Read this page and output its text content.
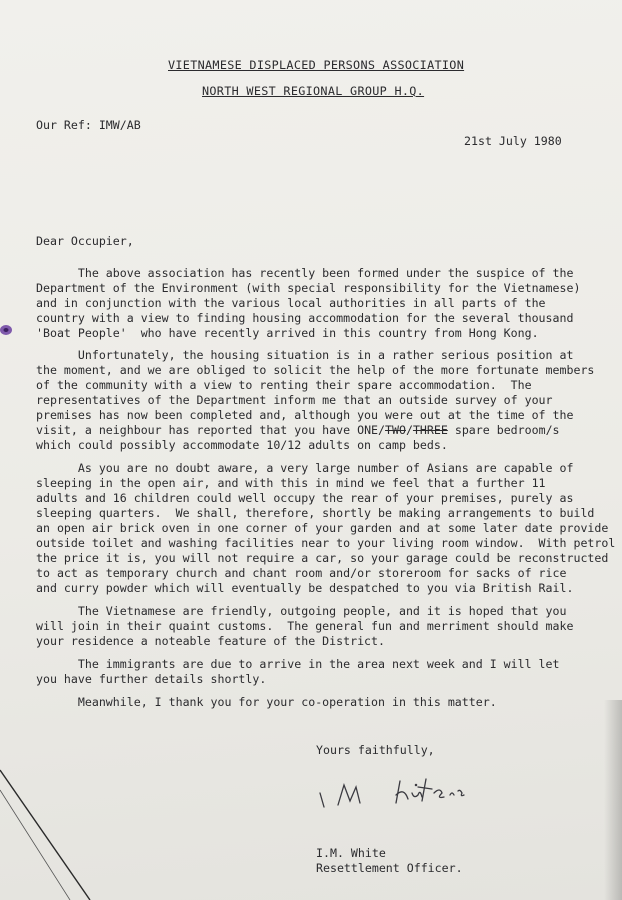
VIETNAMESE DISPLACED PERSONS ASSOCIATION
NORTH WEST REGIONAL GROUP H.Q.
Our Ref: IMW/AB
21st July 1980
Dear Occupier,
The above association has recently been formed under the suspice of the
Department of the Environment (with special responsibility for the Vietnamese)
and in conjunction with the various local authorities in all parts of the
country with a view to finding housing accommodation for the several thousand
'Boat People'  who have recently arrived in this country from Hong Kong.
Unfortunately, the housing situation is in a rather serious position at
the moment, and we are obliged to solicit the help of the more fortunate members
of the community with a view to renting their spare accommodation.  The
representatives of the Department inform me that an outside survey of your
premises has now been completed and, although you were out at the time of the
visit, a neighbour has reported that you have ONE/TWO/THREE spare bedroom/s
which could possibly accommodate 10/12 adults on camp beds.
As you are no doubt aware, a very large number of Asians are capable of
sleeping in the open air, and with this in mind we feel that a further 11
adults and 16 children could well occupy the rear of your premises, purely as
sleeping quarters.  We shall, therefore, shortly be making arrangements to build
an open air brick oven in one corner of your garden and at some later date provide
outside toilet and washing facilities near to your living room window.  With petrol
the price it is, you will not require a car, so your garage could be reconstructed
to act as temporary church and chant room and/or storeroom for sacks of rice
and curry powder which will eventually be despatched to you via British Rail.
The Vietnamese are friendly, outgoing people, and it is hoped that you
will join in their quaint customs.  The general fun and merriment should make
your residence a noteable feature of the District.
The immigrants are due to arrive in the area next week and I will let
you have further details shortly.
Meanwhile, I thank you for your co-operation in this matter.
Yours faithfully,
I.M. White
Resettlement Officer.
